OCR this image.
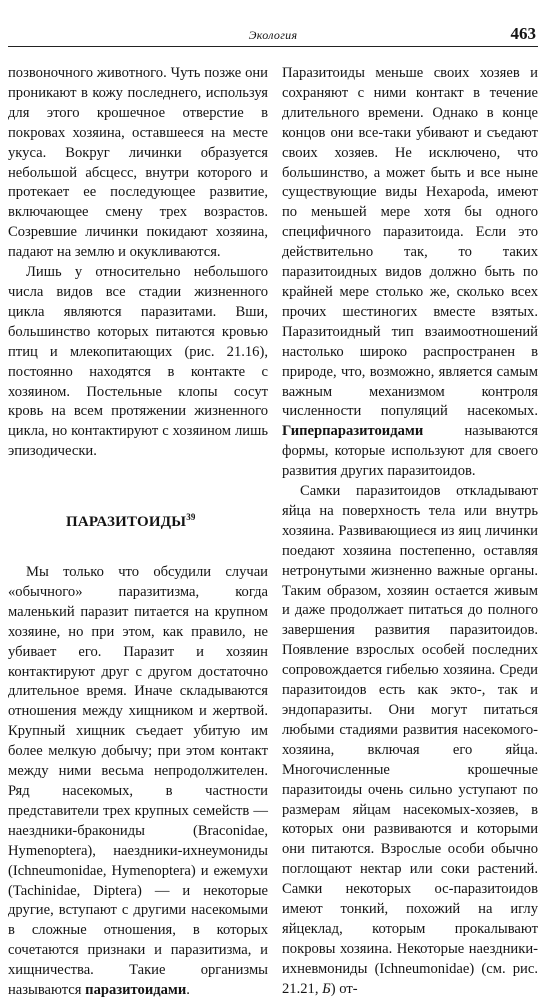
Экология	463

позвоночного животного. Чуть позже они проникают в кожу последнего, используя для этого крошечное отверстие в покровах хозяина, оставшееся на месте укуса. Вокруг личинки образуется небольшой абсцесс, внутри которого и протекает ее последующее развитие, включающее смену трех возрастов. Созревшие личинки покидают хозяина, падают на землю и окукливаются.

Лишь у относительно небольшого числа видов все стадии жизненного цикла являются паразитами. Вши, большинство которых питаются кровью птиц и млекопитающих (рис. 21.16), постоянно находятся в контакте с хозяином. Постельные клопы сосут кровь на всем протяжении жизненного цикла, но контактируют с хозяином лишь эпизодически.

ПАРАЗИТОИДЫ$^{39}$

Мы только что обсудили случаи «обычного» паразитизма, когда маленький паразит питается на крупном хозяине, но при этом, как правило, не убивает его. Паразит и хозяин контактируют друг с другом достаточно длительное время. Иначе складываются отношения между хищником и жертвой. Крупный хищник съедает убитую им более мелкую добычу; при этом контакт между ними весьма непродолжителен. Ряд насекомых, в частности представители трех крупных семейств — наездники-бракониды (Braconidae, Hymenoptera), наездники-ихнеумониды (Ichneumonidae, Hymenoptera) и ежемухи (Tachinidae, Diptera) — и некоторые другие, вступают с другими насекомыми в сложные отношения, в которых сочетаются признаки и паразитизма, и хищничества. Такие организмы называются паразитоидами.

Паразитоиды меньше своих хозяев и сохраняют с ними контакт в течение длительного времени. Однако в конце концов они все-таки убивают и съедают своих хозяев. Не исключено, что большинство, а может быть и все ныне существующие виды Hexapoda, имеют по меньшей мере хотя бы одного специфичного паразитоида. Если это действительно так, то таких паразитоидных видов должно быть по крайней мере столько же, сколько всех прочих шестиногих вместе взятых. Паразитоидный тип взаимоотношений настолько широко распространен в природе, что, возможно, является самым важным механизмом контроля численности популяций насекомых. Гиперпаразитоидами	называются формы, которые используют для своего развития других паразитоидов.

Самки паразитоидов откладывают яйца на поверхность тела или внутрь хозяина. Развивающиеся из яиц личинки поедают хозяина постепенно, оставляя нетронутыми жизненно важные органы. Таким образом, хозяин остается живым и даже продолжает питаться до полного завершения развития паразитоидов. Появление взрослых особей последних сопровождается гибелью хозяина. Среди паразитоидов есть как экто-, так и эндопаразиты. Они могут питаться любыми стадиями развития насекомого-хозяина, включая его яйца. Многочисленные крошечные паразитоиды очень сильно уступают по размерам яйцам насекомых-хозяев, в которых они развиваются и которыми они питаются. Взрослые особи обычно поглощают нектар или соки растений. Самки некоторых ос-паразитоидов имеют тонкий, похожий на иглу яйцеклад, которым прокалывают покровы хозяина. Некоторые наездники-ихневмониды (Ichneumonidae) (см. рис. 21.21, Б) от-
